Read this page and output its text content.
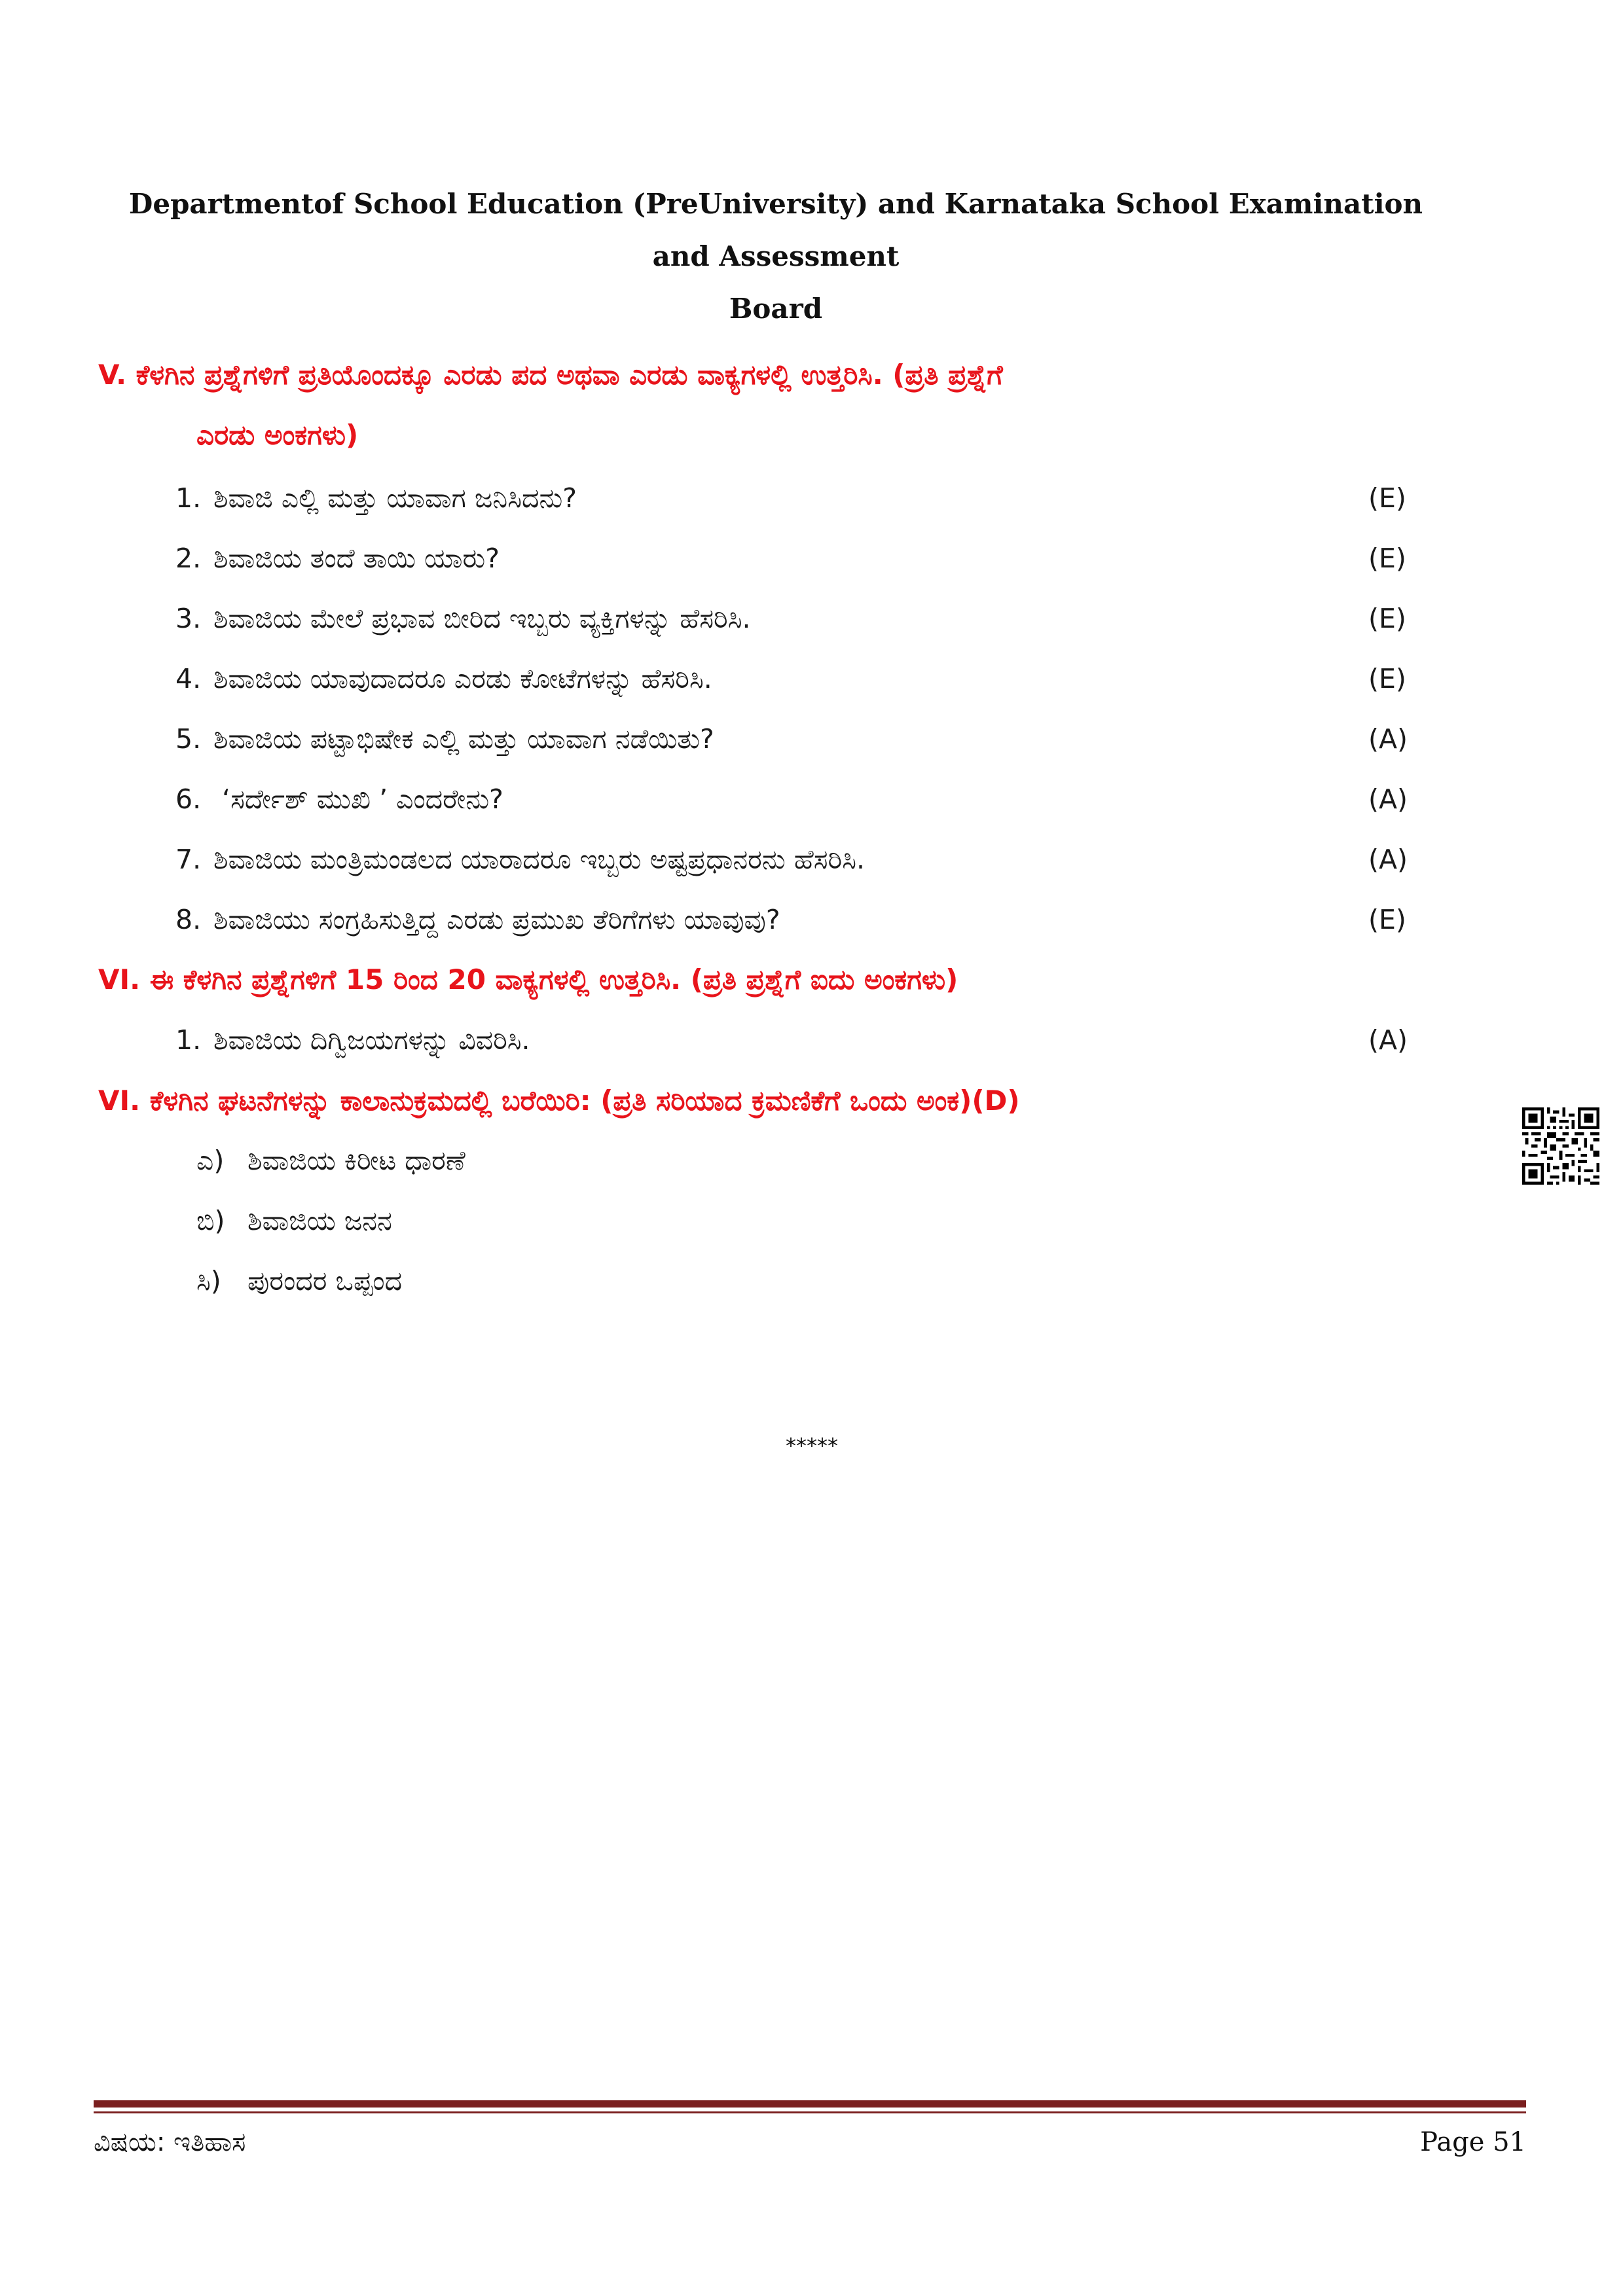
Departmentof School Education (PreUniversity) and Karnataka School Examination and Assessment
Board
V. ಕೆಳಗಿನ ಪ್ರಶ್ನೆಗಳಿಗೆ ಪ್ರತಿಯೊಂದಕ್ಕೂ ಎರಡು ಪದ ಅಥವಾ ಎರಡು ವಾಕ್ಯಗಳಲ್ಲಿ ಉತ್ತರಿಸಿ. (ಪ್ರತಿ ಪ್ರಶ್ನೆಗೆ
ಎರಡು ಅಂಕಗಳು)
1. ಶಿವಾಜಿ ಎಲ್ಲಿ ಮತ್ತು ಯಾವಾಗ ಜನಿಸಿದನು?	(E)
2. ಶಿವಾಜಿಯ ತಂದೆ ತಾಯಿ ಯಾರು?	(E)
3. ಶಿವಾಜಿಯ ಮೇಲೆ ಪ್ರಭಾವ ಬೀರಿದ ಇಬ್ಬರು ವ್ಯಕ್ತಿಗಳನ್ನು ಹೆಸರಿಸಿ.	(E)
4. ಶಿವಾಜಿಯ ಯಾವುದಾದರೂ ಎರಡು ಕೋಟೆಗಳನ್ನು ಹೆಸರಿಸಿ.	(E)
5. ಶಿವಾಜಿಯ ಪಟ್ಟಾಭಿಷೇಕ ಎಲ್ಲಿ ಮತ್ತು ಯಾವಾಗ ನಡೆಯಿತು?	(A)
6. ‘ಸರ್ದೇಶ್ ಮುಖಿ ’ ಎಂದರೇನು?	(A)
7. ಶಿವಾಜಿಯ ಮಂತ್ರಿಮಂಡಲದ ಯಾರಾದರೂ ಇಬ್ಬರು ಅಷ್ಟಪ್ರಧಾನರನು ಹೆಸರಿಸಿ.	(A)
8. ಶಿವಾಜಿಯು ಸಂಗ್ರಹಿಸುತ್ತಿದ್ದ ಎರಡು ಪ್ರಮುಖ ತೆರಿಗೆಗಳು ಯಾವುವು?	(E)
VI. ಈ ಕೆಳಗಿನ ಪ್ರಶ್ನೆಗಳಿಗೆ 15 ರಿಂದ 20 ವಾಕ್ಯಗಳಲ್ಲಿ ಉತ್ತರಿಸಿ. (ಪ್ರತಿ ಪ್ರಶ್ನೆಗೆ ಐದು ಅಂಕಗಳು)
1. ಶಿವಾಜಿಯ ದಿಗ್ವಿಜಯಗಳನ್ನು ವಿವರಿಸಿ.	(A)
VI. ಕೆಳಗಿನ ಘಟನೆಗಳನ್ನು ಕಾಲಾನುಕ್ರಮದಲ್ಲಿ ಬರೆಯಿರಿ: (ಪ್ರತಿ ಸರಿಯಾದ ಕ್ರಮಣಿಕೆಗೆ ಒಂದು ಅಂಕ)(D)
ಎ) ಶಿವಾಜಿಯ ಕಿರೀಟ ಧಾರಣೆ
ಬಿ) ಶಿವಾಜಿಯ ಜನನ
ಸಿ) ಪುರಂದರ ಒಪ್ಪಂದ
*****
ವಿಷಯ: ಇತಿಹಾಸ	Page 51
